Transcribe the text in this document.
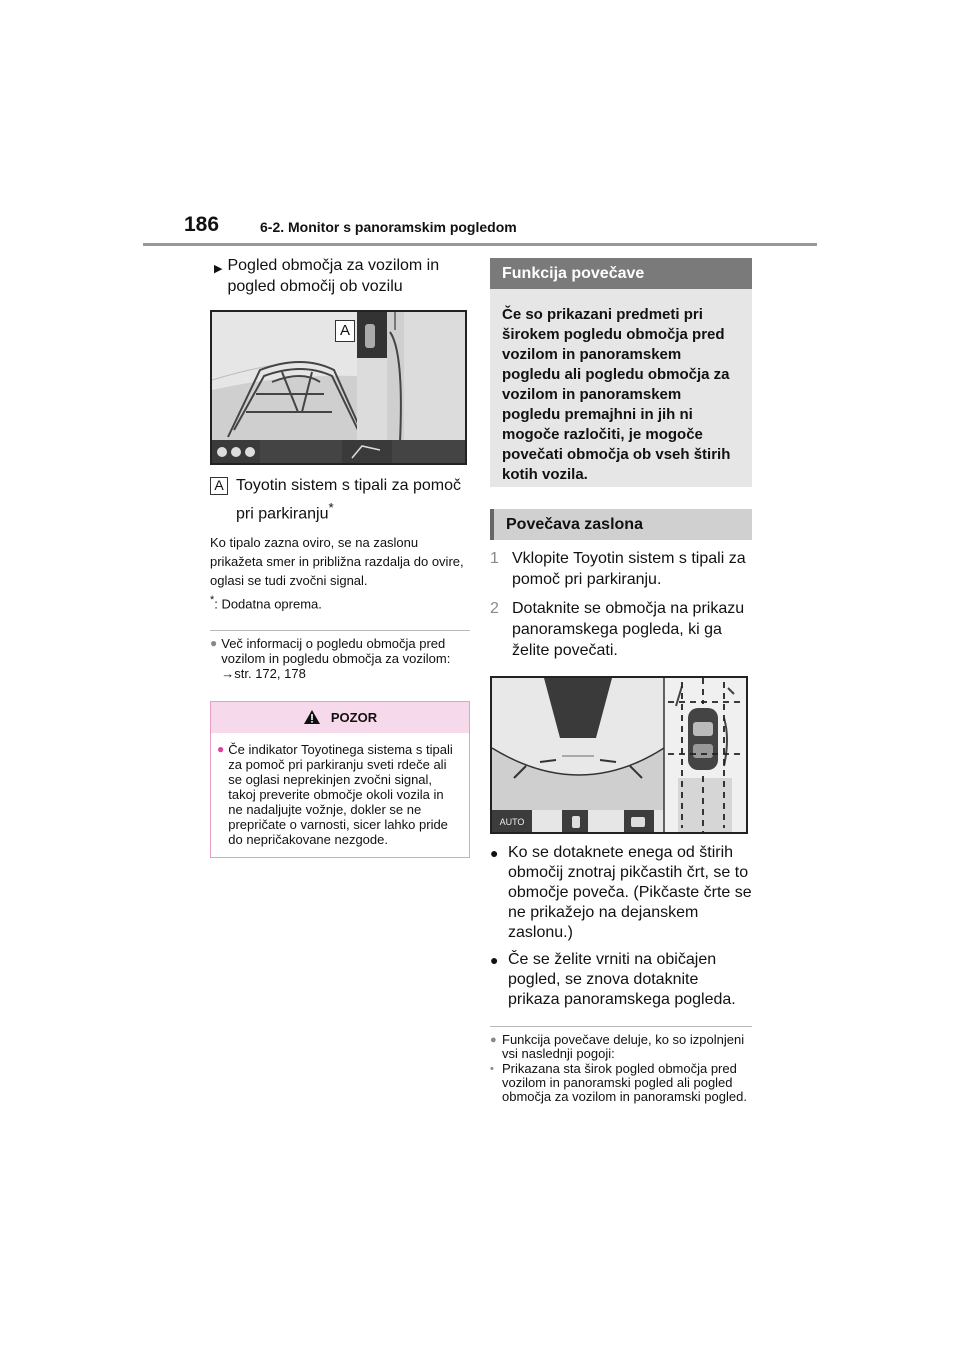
186	6-2. Monitor s panoramskim pogledom
▶ Pogled območja za vozilom in pogled območij ob vozilu
A
A Toyotin sistem s tipali za pomoč pri parkiranju*

Ko tipalo zazna oviro, se na zaslonu prikažeta smer in približna razdalja do ovire, oglasi se tudi zvočni signal.

*: Dodatna oprema.

● Več informacij o pogledu območja pred vozilom in pogledu območja za vozilom: →str. 172, 178
POZOR
● Če indikator Toyotinega sistema s tipali za pomoč pri parkiranju sveti rdeče ali se oglasi neprekinjen zvočni signal, takoj preverite območje okoli vozila in ne nadaljujte vožnje, dokler se ne prepričate o varnosti, sicer lahko pride do nepričakovane nezgode.
Funkcija povečave
Če so prikazani predmeti pri širokem pogledu območja pred vozilom in panoramskem pogledu ali pogledu območja za vozilom in panoramskem pogledu premajhni in jih ni mogoče razločiti, je mogoče povečati območja ob vseh štirih kotih vozila.
Povečava zaslona
1 Vklopite Toyotin sistem s tipali za pomoč pri parkiranju.
2 Dotaknite se območja na prikazu panoramskega pogleda, ki ga želite povečati.
AUTO
● Ko se dotaknete enega od štirih območij znotraj pikčastih črt, se to območje poveča. (Pikčaste črte se ne prikažejo na dejanskem zaslonu.)
● Če se želite vrniti na običajen pogled, se znova dotaknite prikaza panoramskega pogleda.
● Funkcija povečave deluje, ko so izpolnjeni vsi naslednji pogoji:
• Prikazana sta širok pogled območja pred vozilom in panoramski pogled ali pogled območja za vozilom in panoramski pogled.
